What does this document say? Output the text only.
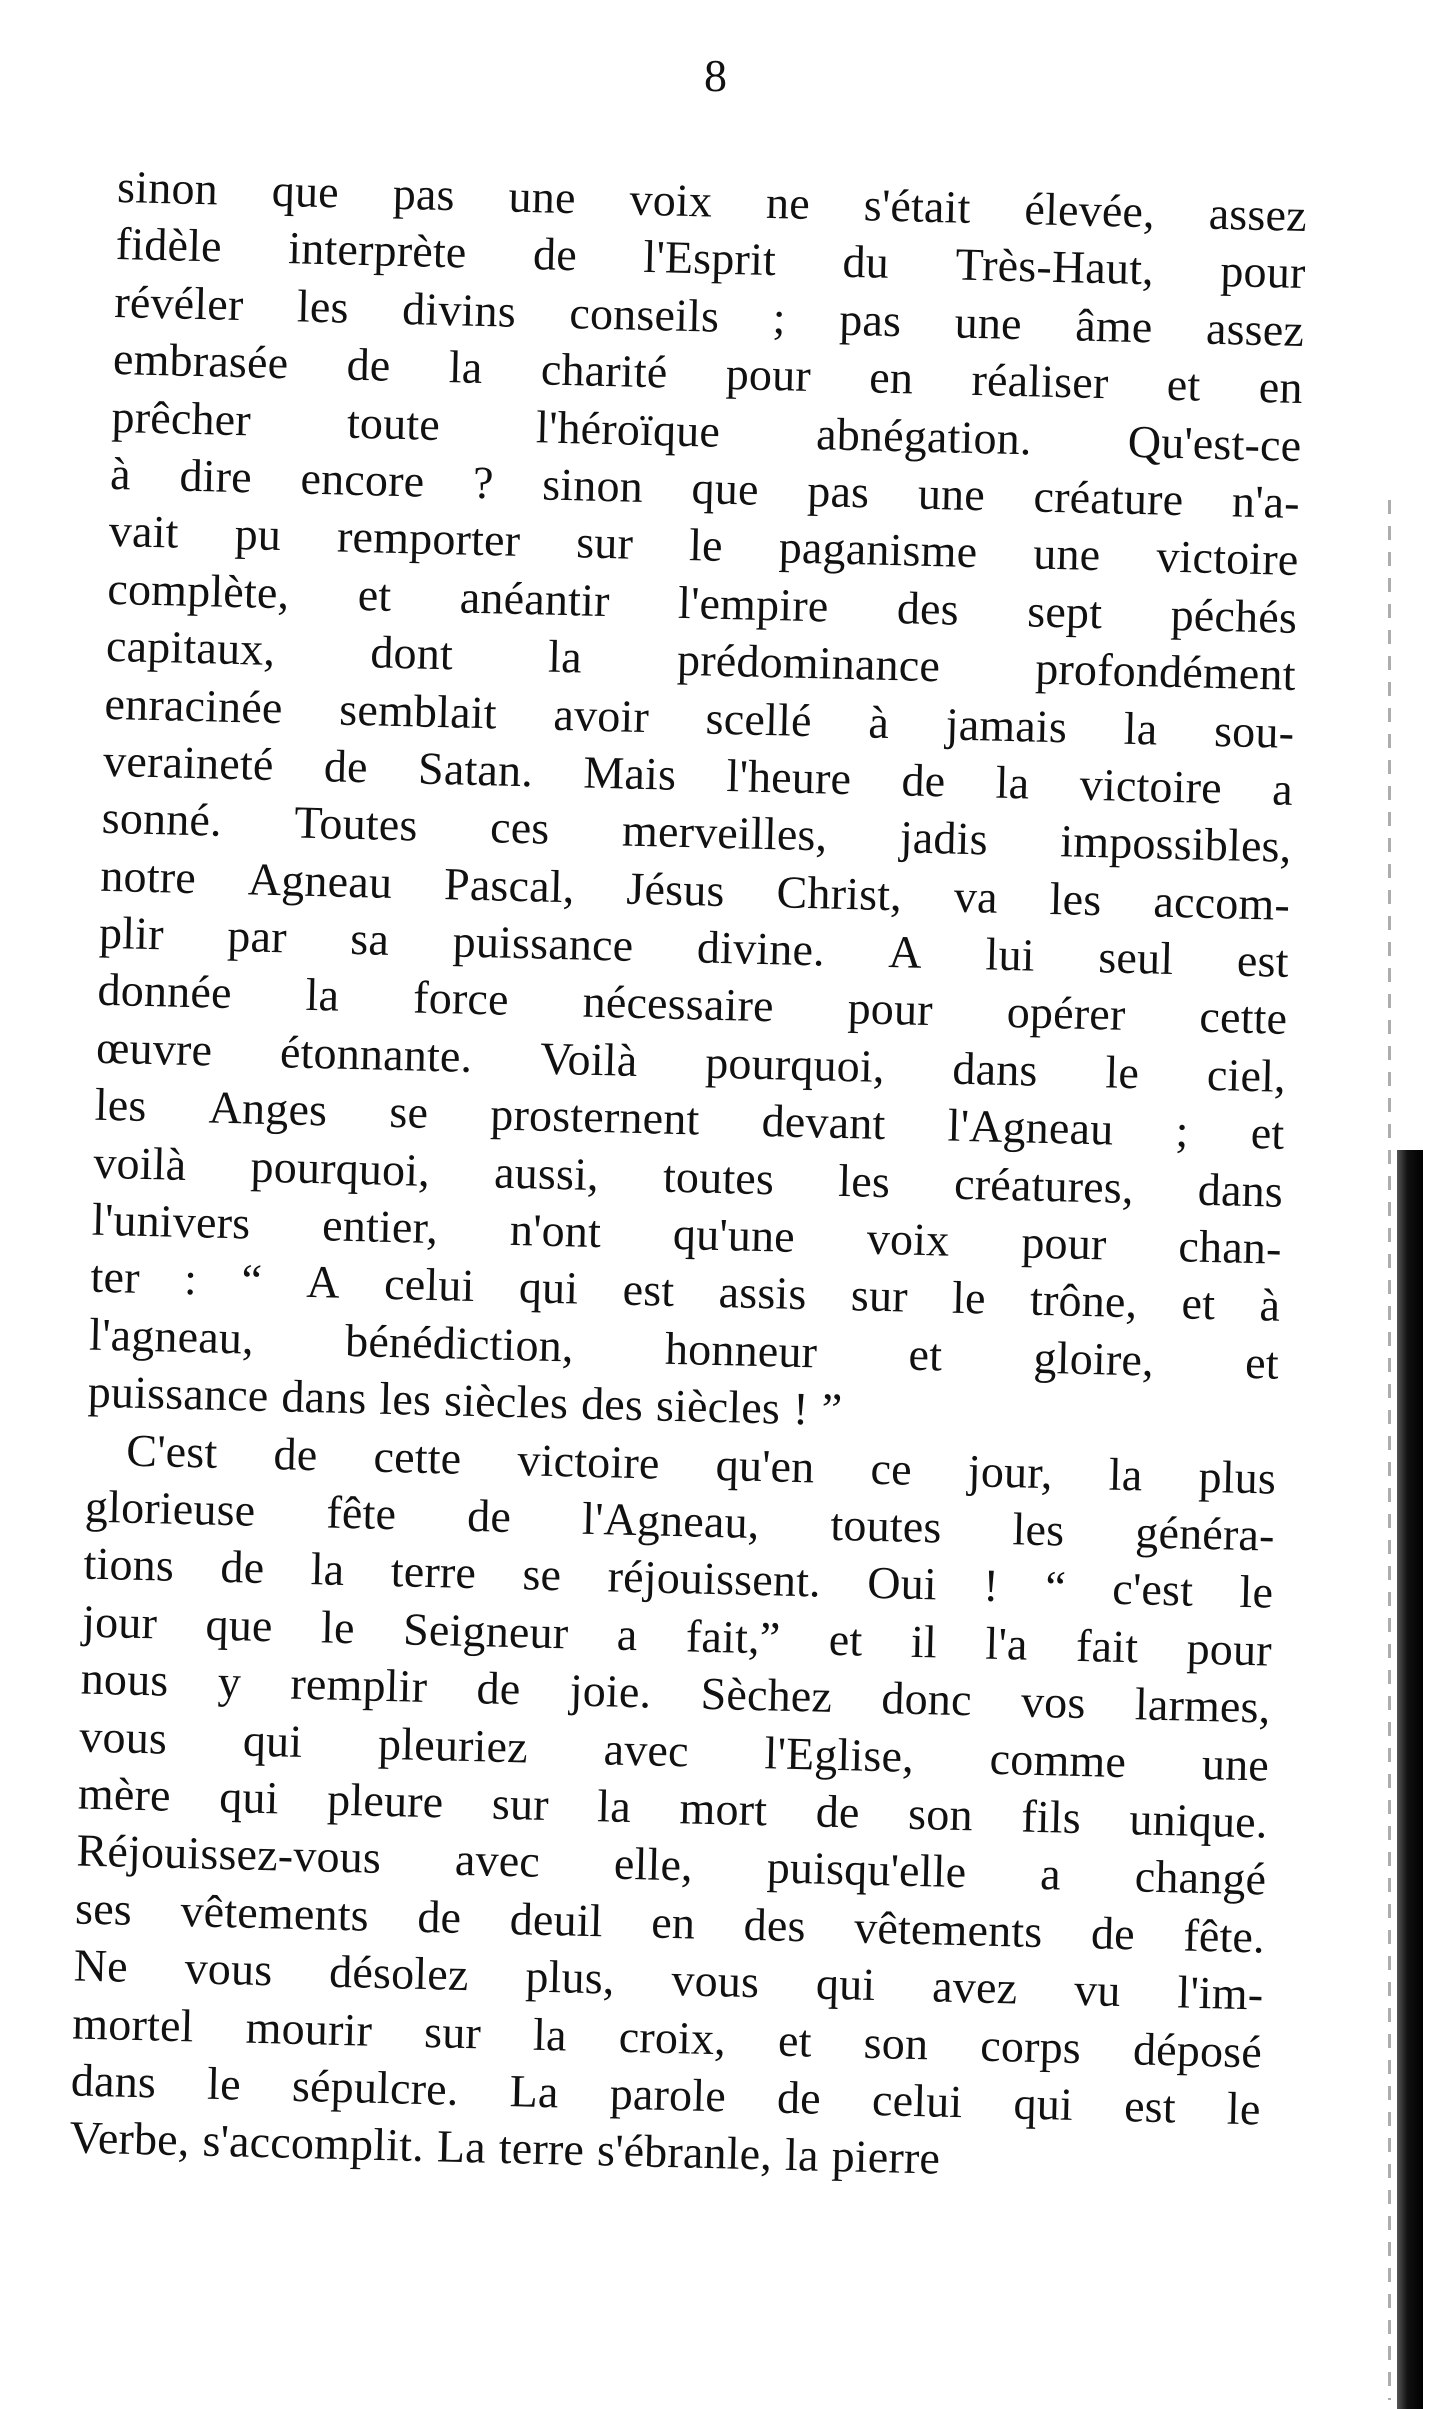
8
sinon que pas une voix ne s'était élevée, assez
fidèle interprète de l'Esprit du Très-Haut, pour
révéler les divins conseils ; pas une âme assez
embrasée de la charité pour en réaliser et en
prêcher toute l'héroïque abnégation. Qu'est-ce
à dire encore ? sinon que pas une créature n'a-
vait pu remporter sur le paganisme une victoire
complète, et anéantir l'empire des sept péchés
capitaux, dont la prédominance profondément
enracinée semblait avoir scellé à jamais la sou-
veraineté de Satan. Mais l'heure de la victoire a
sonné. Toutes ces merveilles, jadis impossibles,
notre Agneau Pascal, Jésus Christ, va les accom-
plir par sa puissance divine. A lui seul est
donnée la force nécessaire pour opérer cette
œuvre étonnante. Voilà pourquoi, dans le ciel,
les Anges se prosternent devant l'Agneau ; et
voilà pourquoi, aussi, toutes les créatures, dans
l'univers entier, n'ont qu'une voix pour chan-
ter : “ A celui qui est assis sur le trône, et à
l'agneau, bénédiction, honneur et gloire, et
puissance dans les siècles des siècles ! ”
C'est de cette victoire qu'en ce jour, la plus
glorieuse fête de l'Agneau, toutes les généra-
tions de la terre se réjouissent. Oui ! “ c'est le
jour que le Seigneur a fait,” et il l'a fait pour
nous y remplir de joie. Sèchez donc vos larmes,
vous qui pleuriez avec l'Eglise, comme une
mère qui pleure sur la mort de son fils unique.
Réjouissez-vous avec elle, puisqu'elle a changé
ses vêtements de deuil en des vêtements de fête.
Ne vous désolez plus, vous qui avez vu l'im-
mortel mourir sur la croix, et son corps déposé
dans le sépulcre. La parole de celui qui est le
Verbe, s'accomplit. La terre s'ébranle, la pierre
